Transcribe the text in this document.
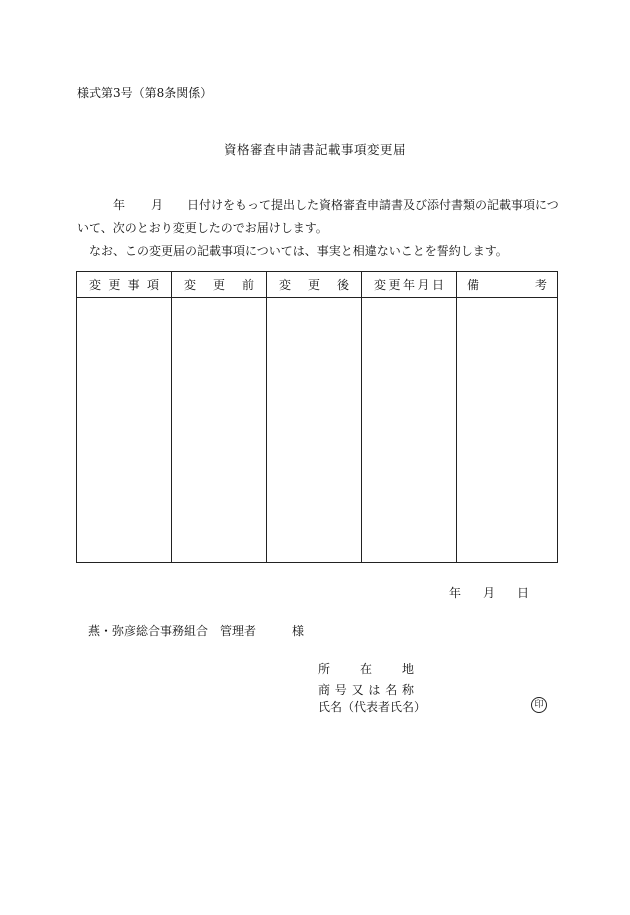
様式第3号（第8条関係）
資格審査申請書記載事項変更届
年 月 日付けをもって提出した資格審査申請書及び添付書類の記載事項につ
いて、次のとおり変更したのでお届けします。
なお、この変更届の記載事項については、事実と相違ないことを誓約します。
変 更 事 項	変 更 前	変 更 後	変 更 年 月 日	備 考

年 月 日
燕・弥彦総合事務組合 管理者	様
所 在 地
商 号 又 は 名 称
氏名（代表者氏名）	印
